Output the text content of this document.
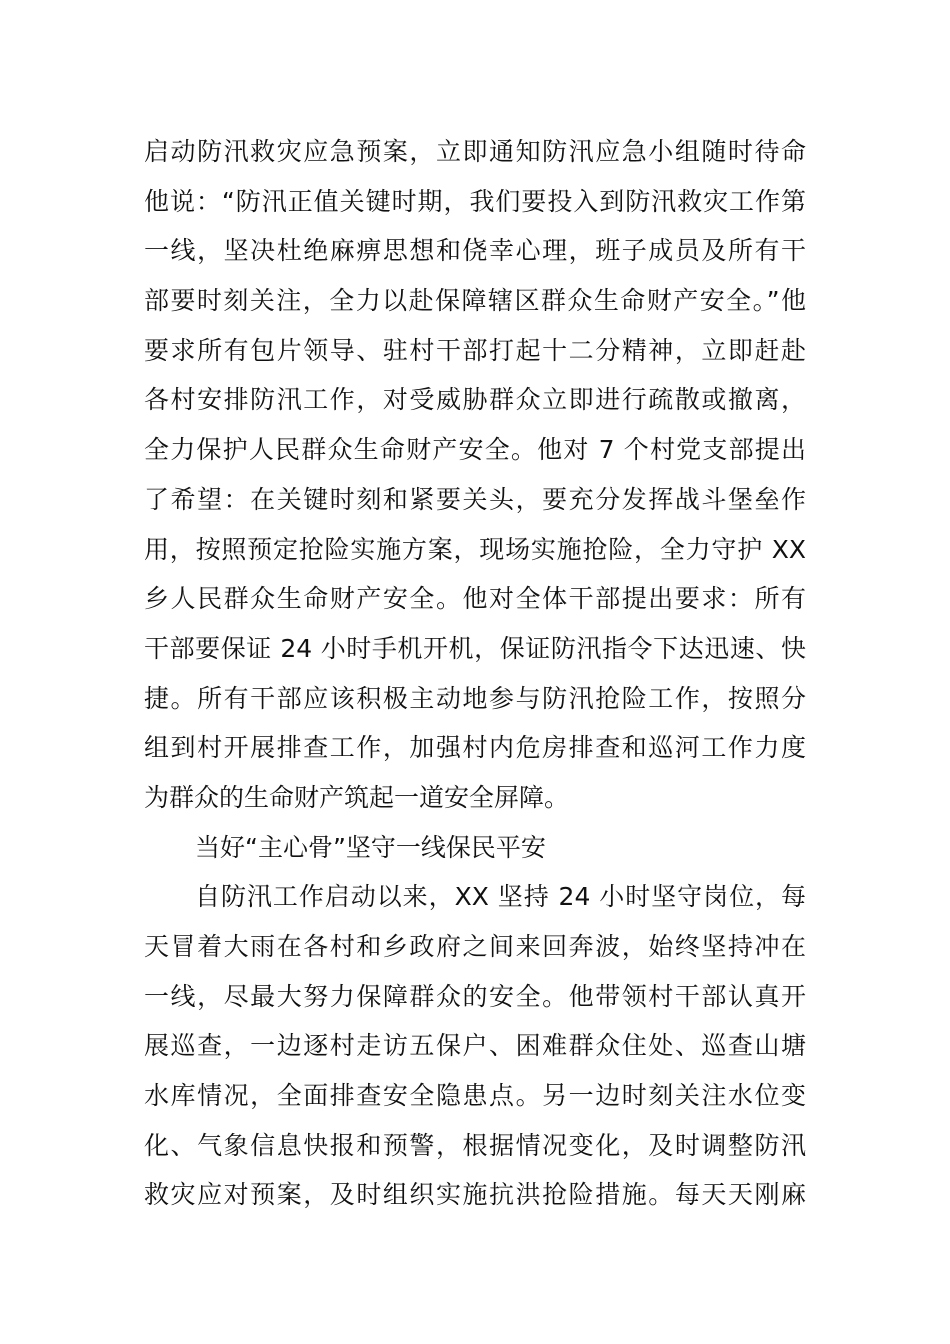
启动防汛救灾应急预案，立即通知防汛应急小组随时待命
他说：“防汛正值关键时期，我们要投入到防汛救灾工作第
一线，坚决杜绝麻痹思想和侥幸心理，班子成员及所有干
部要时刻关注，全力以赴保障辖区群众生命财产安全。”他
要求所有包片领导、驻村干部打起十二分精神，立即赶赴
各村安排防汛工作，对受威胁群众立即进行疏散或撤离，
全力保护人民群众生命财产安全。他对 7 个村党支部提出
了希望：在关键时刻和紧要关头，要充分发挥战斗堡垒作
用，按照预定抢险实施方案，现场实施抢险，全力守护 XX
乡人民群众生命财产安全。他对全体干部提出要求：所有
干部要保证 24 小时手机开机，保证防汛指令下达迅速、快
捷。所有干部应该积极主动地参与防汛抢险工作，按照分
组到村开展排查工作，加强村内危房排查和巡河工作力度
为群众的生命财产筑起一道安全屏障。
当好“主心骨”坚守一线保民平安
自防汛工作启动以来，XX 坚持 24 小时坚守岗位，每
天冒着大雨在各村和乡政府之间来回奔波，始终坚持冲在
一线，尽最大努力保障群众的安全。他带领村干部认真开
展巡查，一边逐村走访五保户、困难群众住处、巡查山塘
水库情况，全面排查安全隐患点。另一边时刻关注水位变
化、气象信息快报和预警，根据情况变化，及时调整防汛
救灾应对预案，及时组织实施抗洪抢险措施。每天天刚麻
